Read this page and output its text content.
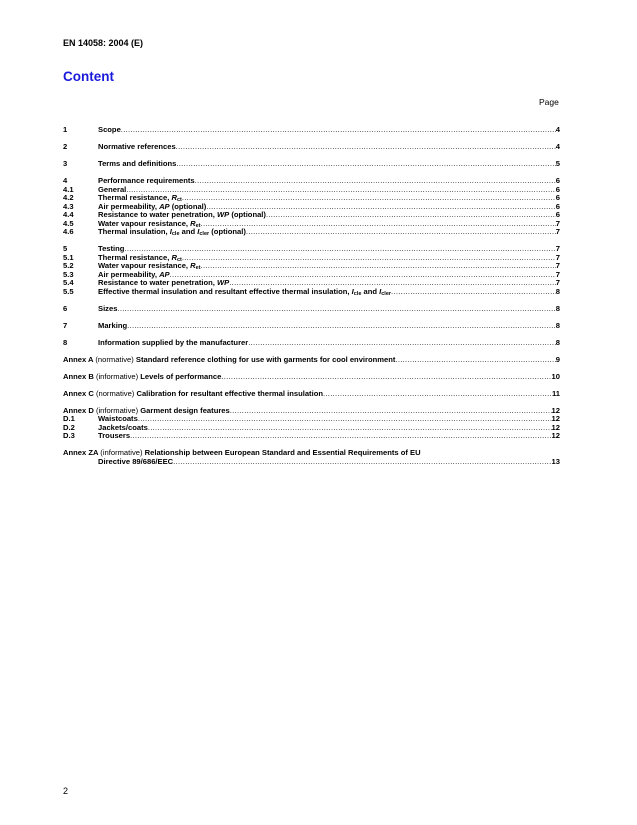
EN 14058: 2004 (E)
Content
Page
1	Scope .....	4
2	Normative references .....	4
3	Terms and definitions .....	5
4	Performance requirements .....	6
4.1	General .....	6
4.2	Thermal resistance, $R_{ct}$ .....	6
4.3	Air permeability, AP (optional) .....	6
4.4	Resistance to water penetration, WP (optional) .....	6
4.5	Water vapour resistance, $R_{et}$ .....	7
4.6	Thermal insulation, $I_{cle}$ and $I_{cler}$ (optional) .....	7
5	Testing .....	7
5.1	Thermal resistance, $R_{ct}$ .....	7
5.2	Water vapour resistance, $R_{et}$ .....	7
5.3	Air permeability, AP .....	7
5.4	Resistance to water penetration, WP .....	7
5.5	Effective thermal insulation and resultant effective thermal insulation, $I_{cle}$ and $I_{cler}$ .....	8
6	Sizes .....	8
7	Marking .....	8
8	Information supplied by the manufacturer .....	8
Annex A (normative) Standard reference clothing for use with garments for cool environment .....	9
Annex B (informative) Levels of performance .....	10
Annex C (normative) Calibration for resultant effective thermal insulation .....	11
Annex D (informative) Garment design features .....	12
D.1	Waistcoats .....	12
D.2	Jackets/coats .....	12
D.3	Trousers .....	12
Annex ZA (informative) Relationship between European Standard and Essential Requirements of EU
Directive 89/686/EEC .....	13
2
